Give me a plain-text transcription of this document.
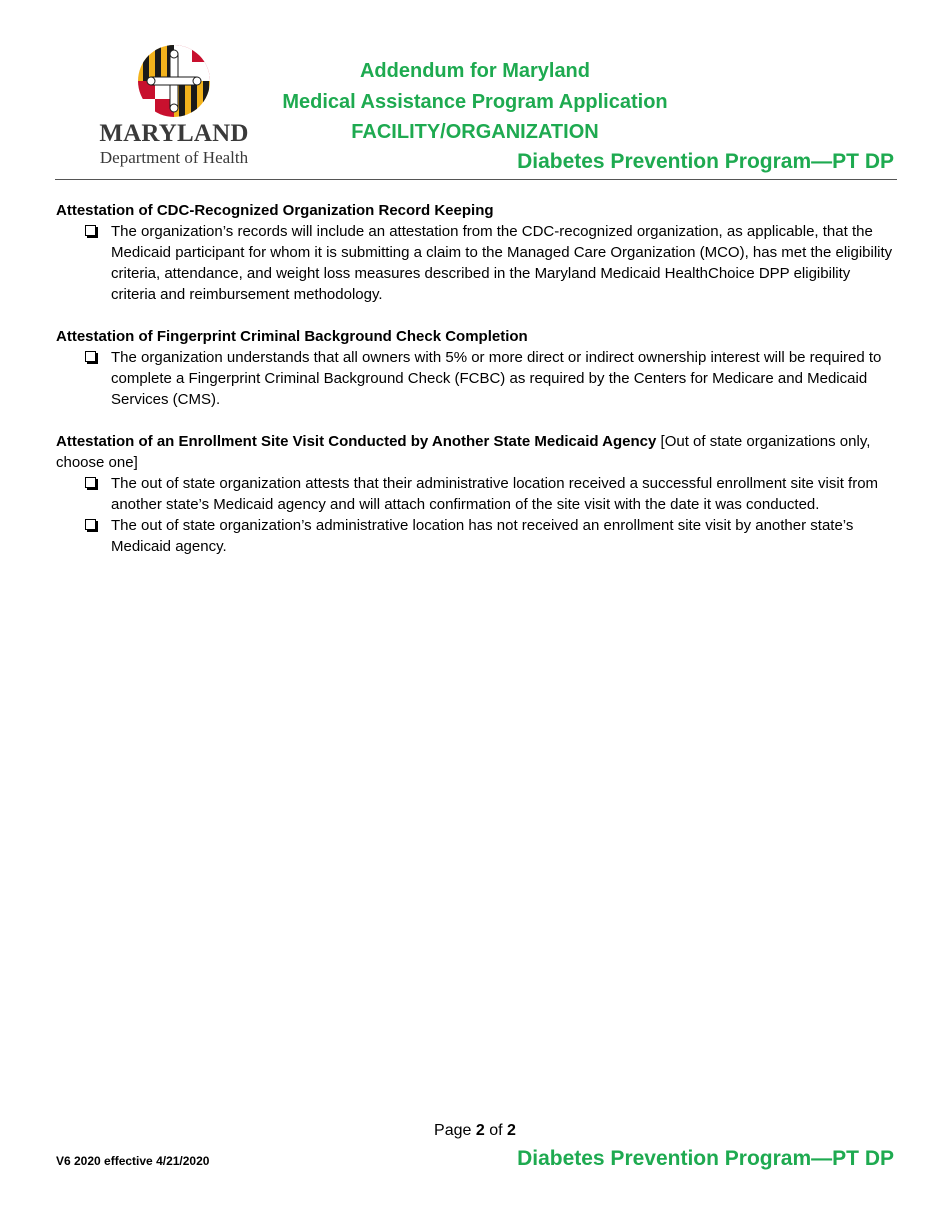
MARYLAND
Department of Health
Addendum for Maryland
Medical Assistance Program Application
FACILITY/ORGANIZATION
Diabetes Prevention Program—PT DP
Attestation of CDC-Recognized Organization Record Keeping
The organization’s records will include an attestation from the CDC-recognized organization, as applicable, that the Medicaid participant for whom it is submitting a claim to the Managed Care Organization (MCO), has met the eligibility criteria, attendance, and weight loss measures described in the Maryland Medicaid HealthChoice DPP eligibility criteria and reimbursement methodology.
Attestation of Fingerprint Criminal Background Check Completion
The organization understands that all owners with 5% or more direct or indirect ownership interest will be required to complete a Fingerprint Criminal Background Check (FCBC) as required by the Centers for Medicare and Medicaid Services (CMS).
Attestation of an Enrollment Site Visit Conducted by Another State Medicaid Agency [Out of state organizations only, choose one]
The out of state organization attests that their administrative location received a successful enrollment site visit from another state’s Medicaid agency and will attach confirmation of the site visit with the date it was conducted.
The out of state organization’s administrative location has not received an enrollment site visit by another state’s Medicaid agency.
Page 2 of 2
V6 2020 effective 4/21/2020	Diabetes Prevention Program—PT DP
